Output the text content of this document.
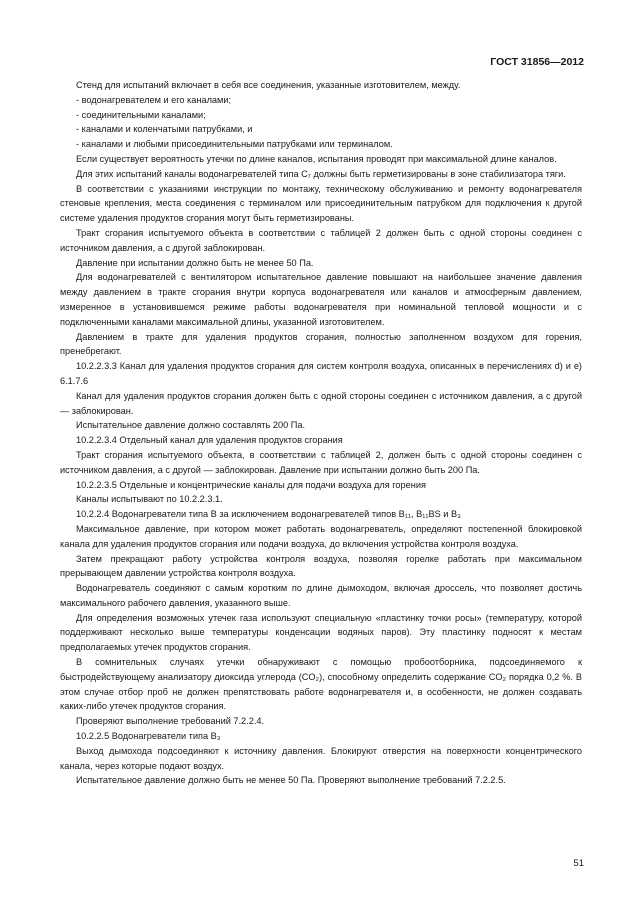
ГОСТ 31856—2012

Стенд для испытаний включает в себя все соединения, указанные изготовителем, между.

- водонагревателем и его каналами;

- соединительными каналами;

- каналами и коленчатыми патрубками, и

- каналами и любыми присоединительными патрубками или терминалом.

Если существует вероятность утечки по длине каналов, испытания проводят при максимальной длине каналов.

Для этих испытаний каналы водонагревателей типа C₇ должны быть герметизированы в зоне стабилизатора тяги.

В соответствии с указаниями инструкции по монтажу, техническому обслуживанию и ремонту водонагревателя стеновые крепления, места соединения с терминалом или присоединительным патрубком для подключения к другой системе удаления продуктов сгорания могут быть герметизированы.

Тракт сгорания испытуемого объекта в соответствии с таблицей 2 должен быть с одной стороны соединен с источником давления, а с другой заблокирован.

Давление при испытании должно быть не менее 50 Па.

Для водонагревателей с вентилятором испытательное давление повышают на наибольшее значение давления между давлением в тракте сгорания внутри корпуса водонагревателя или каналов и атмосферным давлением, измеренное в установившемся режиме работы водонагревателя при номинальной тепловой мощности и с подключенными каналами максимальной длины, указанной изготовителем.

Давлением в тракте для удаления продуктов сгорания, полностью заполненном воздухом для горения, пренебрегают.

10.2.2.3.3 Канал для удаления продуктов сгорания для систем контроля воздуха, описанных в перечислениях d) и e) 6.1.7.6

Канал для удаления продуктов сгорания должен быть с одной стороны соединен с источником давления, а с другой — заблокирован.

Испытательное давление должно составлять 200 Па.

10.2.2.3.4 Отдельный канал для удаления продуктов сгорания

Тракт сгорания испытуемого объекта, в соответствии с таблицей 2, должен быть с одной стороны соединен с источником давления, а с другой — заблокирован. Давление при испытании должно быть 200 Па.

10.2.2.3.5 Отдельные и концентрические каналы для подачи воздуха для горения

Каналы испытывают по 10.2.2.3.1.

10.2.2.4 Водонагреватели типа B за исключением водонагревателей типов B₁₁, B₁₁BS и B₃

Максимальное давление, при котором может работать водонагреватель, определяют постепенной блокировкой канала для удаления продуктов сгорания или подачи воздуха, до включения устройства контроля воздуха.

Затем прекращают работу устройства контроля воздуха, позволяя горелке работать при максимальном прерывающем давлении устройства контроля воздуха.

Водонагреватель соединяют с самым коротким по длине дымоходом, включая дроссель, что позволяет достичь максимального рабочего давления, указанного выше.

Для определения возможных утечек газа используют специальную «пластинку точки росы» (температуру, которой поддерживают несколько выше температуры конденсации водяных паров). Эту пластинку подносят к местам предполагаемых утечек продуктов сгорания.

В сомнительных случаях утечки обнаруживают с помощью пробоотборника, подсоединяемого к быстродействующему анализатору диоксида углерода (CO₂), способному определить содержание CO₂ порядка 0,2 %. В этом случае отбор проб не должен препятствовать работе водонагревателя и, в особенности, не должен создавать каких-либо утечек продуктов сгорания.

Проверяют выполнение требований 7.2.2.4.

10.2.2.5 Водонагреватели типа B₃

Выход дымохода подсоединяют к источнику давления. Блокируют отверстия на поверхности концентрического канала, через которые подают воздух.

Испытательное давление должно быть не менее 50 Па. Проверяют выполнение требований 7.2.2.5.

51
